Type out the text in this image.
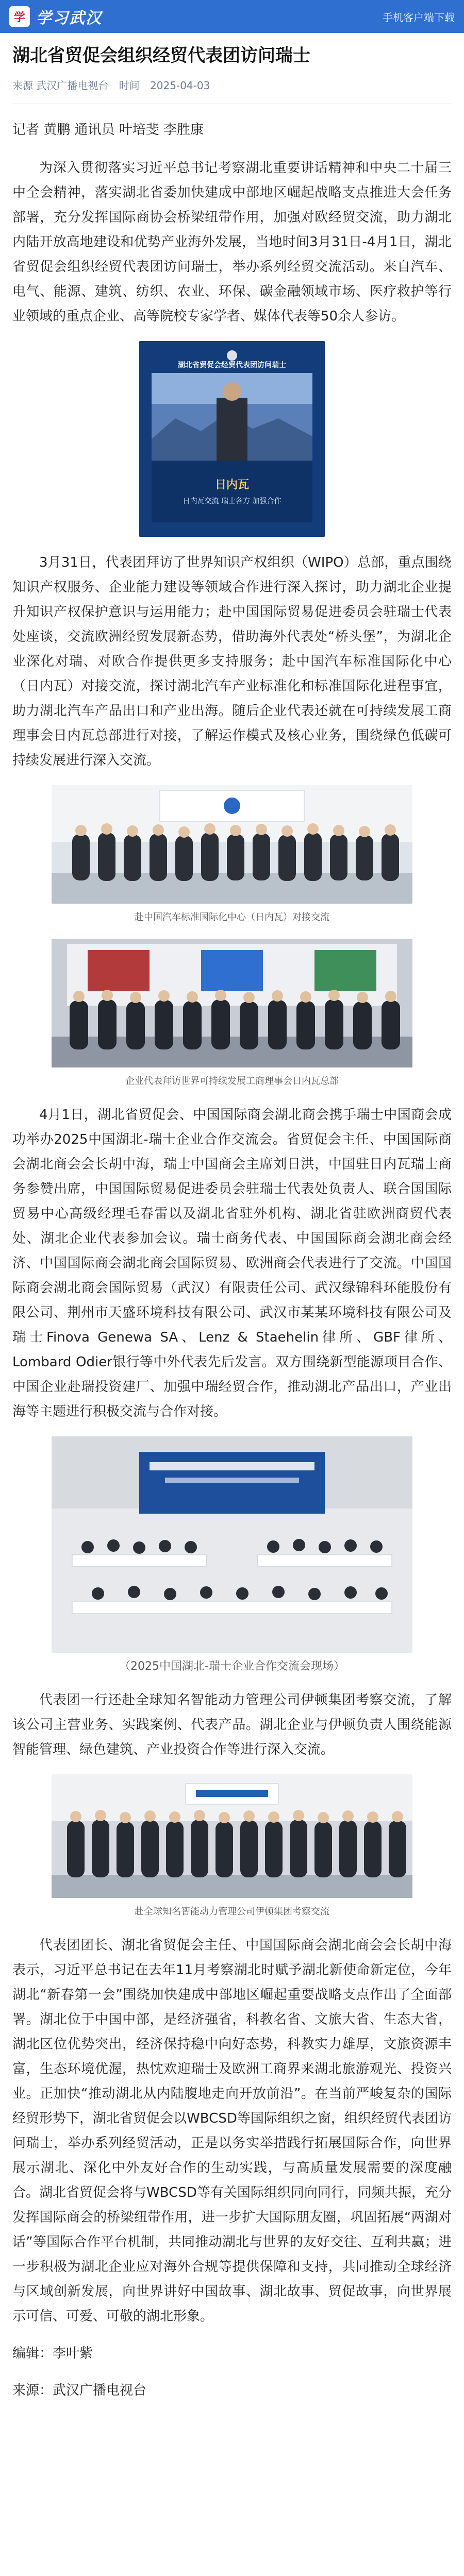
学 学习武汉	手机客户端下载
湖北省贸促会组织经贸代表团访问瑞士
来源 武汉广播电视台 时间 2025-04-03

记者 黄鹏 通讯员 叶培斐 李胜康

为深入贯彻落实习近平总书记考察湖北重要讲话精神和中央二十届三中全会精神，落实湖北省委加快建成中部地区崛起战略支点推进大会任务部署，充分发挥国际商协会桥梁纽带作用，加强对欧经贸交流，助力湖北内陆开放高地建设和优势产业海外发展，当地时间3月31日-4月1日，湖北省贸促会组织经贸代表团访问瑞士，举办系列经贸交流活动。来自汽车、电气、能源、建筑、纺织、农业、环保、碳金融领域市场、医疗救护等行业领域的重点企业、高等院校专家学者、媒体代表等50余人参访。

湖北省贸促会经贸代表团访问瑞士
日内瓦
日内瓦交流 瑞士各方 加强合作

3月31日，代表团拜访了世界知识产权组织（WIPO）总部，重点围绕知识产权服务、企业能力建设等领域合作进行深入探讨，助力湖北企业提升知识产权保护意识与运用能力；赴中国国际贸易促进委员会驻瑞士代表处座谈，交流欧洲经贸发展新态势，借助海外代表处“桥头堡”，为湖北企业深化对瑞、对欧合作提供更多支持服务；赴中国汽车标准国际化中心（日内瓦）对接交流，探讨湖北汽车产业标准化和标准国际化进程事宜，助力湖北汽车产品出口和产业出海。随后企业代表还就在可持续发展工商理事会日内瓦总部进行对接，了解运作模式及核心业务，围绕绿色低碳可持续发展进行深入交流。

赴中国汽车标准国际化中心（日内瓦）对接交流
企业代表拜访世界可持续发展工商理事会日内瓦总部

4月1日，湖北省贸促会、中国国际商会湖北商会携手瑞士中国商会成功举办2025中国湖北-瑞士企业合作交流会。省贸促会主任、中国国际商会湖北商会会长胡中海，瑞士中国商会主席刘日洪，中国驻日内瓦瑞士商务参赞出席，中国国际贸易促进委员会驻瑞士代表处负责人、联合国国际贸易中心高级经理毛春雷以及湖北省驻外机构、湖北省驻欧洲商贸代表处、湖北企业代表参加会议。瑞士商务代表、中国国际商会湖北商会经济、中国国际商会湖北商会国际贸易、欧洲商会代表进行了交流。中国国际商会湖北商会国际贸易（武汉）有限责任公司、武汉绿锦科环能股份有限公司、荆州市天盛环境科技有限公司、武汉市某某环境科技有限公司及瑞士Finova Genewa SA、Lenz & Staehelin律所、GBF律所、Lombard Odier银行等中外代表先后发言。双方围绕新型能源项目合作、中国企业赴瑞投资建厂、加强中瑞经贸合作，推动湖北产品出口，产业出海等主题进行积极交流与合作对接。

（2025中国湖北-瑞士企业合作交流会现场）

代表团一行还赴全球知名智能动力管理公司伊顿集团考察交流，了解该公司主营业务、实践案例、代表产品。湖北企业与伊顿负责人围绕能源智能管理、绿色建筑、产业投资合作等进行深入交流。

赴全球知名智能动力管理公司伊顿集团考察交流

代表团团长、湖北省贸促会主任、中国国际商会湖北商会会长胡中海表示，习近平总书记在去年11月考察湖北时赋予湖北新使命新定位，今年湖北“新春第一会”围绕加快建成中部地区崛起重要战略支点作出了全面部署。湖北位于中国中部，是经济强省，科教名省、文旅大省、生态大省，湖北区位优势突出，经济保持稳中向好态势，科教实力雄厚，文旅资源丰富，生态环境优渥，热忱欢迎瑞士及欧洲工商界来湖北旅游观光、投资兴业。正加快“推动湖北从内陆腹地走向开放前沿”。在当前严峻复杂的国际经贸形势下，湖北省贸促会以WBCSD等国际组织之窗，组织经贸代表团访问瑞士，举办系列经贸活动，正是以务实举措践行拓展国际合作，向世界展示湖北、深化中外友好合作的生动实践，与高质量发展需要的深度融合。湖北省贸促会将与WBCSD等有关国际组织同向同行，同频共振，充分发挥国际商会的桥梁纽带作用，进一步扩大国际朋友圈，巩固拓展“两湖对话”等国际合作平台机制，共同推动湖北与世界的友好交往、互利共赢；进一步积极为湖北企业应对海外合规等提供保障和支持，共同推动全球经济与区域创新发展，向世界讲好中国故事、湖北故事、贸促故事，向世界展示可信、可爱、可敬的湖北形象。

编辑：李叶紫

来源：武汉广播电视台
